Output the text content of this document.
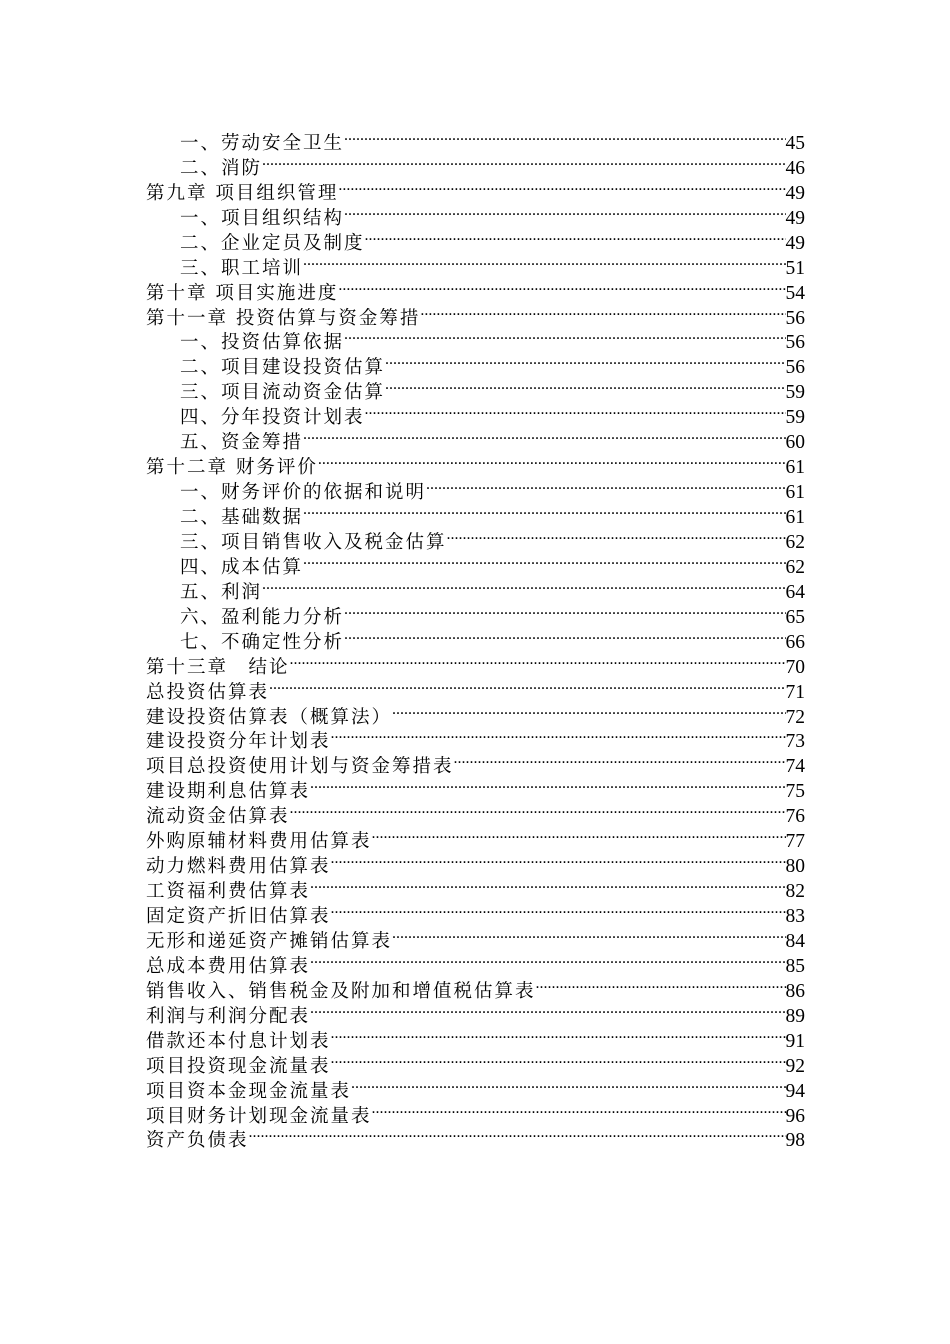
一、劳动安全卫生 .....	45
二、消防 .....	46
第九章 项目组织管理 .....	49
一、项目组织结构 .....	49
二、企业定员及制度 .....	49
三、职工培训 .....	51
第十章 项目实施进度 .....	54
第十一章 投资估算与资金筹措 .....	56
一、投资估算依据 .....	56
二、项目建设投资估算 .....	56
三、项目流动资金估算 .....	59
四、分年投资计划表 .....	59
五、资金筹措 .....	60
第十二章 财务评价 .....	61
一、财务评价的依据和说明 .....	61
二、基础数据 .....	61
三、项目销售收入及税金估算 .....	62
四、成本估算 .....	62
五、利润 .....	64
六、盈利能力分析 .....	65
七、不确定性分析 .....	66
第十三章　结论 .....	70
总投资估算表 .....	71
建设投资估算表（概算法） .....	72
建设投资分年计划表 .....	73
项目总投资使用计划与资金筹措表 .....	74
建设期利息估算表 .....	75
流动资金估算表 .....	76
外购原辅材料费用估算表 .....	77
动力燃料费用估算表 .....	80
工资福利费估算表 .....	82
固定资产折旧估算表 .....	83
无形和递延资产摊销估算表 .....	84
总成本费用估算表 .....	85
销售收入、销售税金及附加和增值税估算表 .....	86
利润与利润分配表 .....	89
借款还本付息计划表 .....	91
项目投资现金流量表 .....	92
项目资本金现金流量表 .....	94
项目财务计划现金流量表 .....	96
资产负债表 .....	98
